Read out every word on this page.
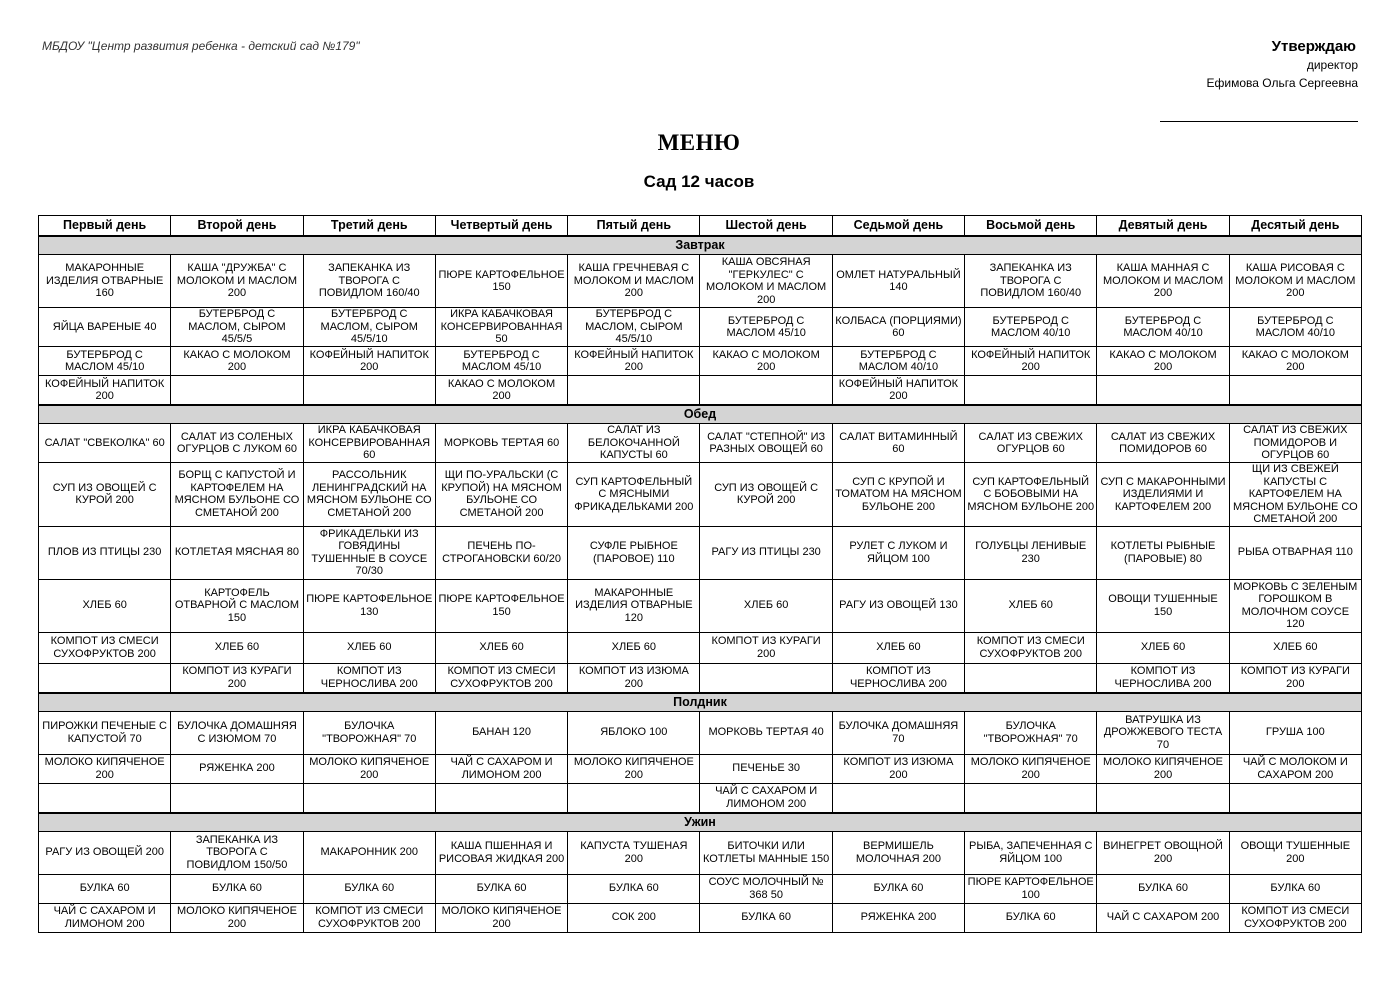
МБДОУ "Центр развития ребенка - детский сад №179"	Утверждаю
директор
Ефимова Ольга Сергеевна
МЕНЮ
Сад 12 часов
Первый день	Второй день	Третий день	Четвертый день	Пятый день	Шестой день	Седьмой день	Восьмой день	Девятый день	Десятый день
Завтрак									
МАКАРОННЫЕ ИЗДЕЛИЯ ОТВАРНЫЕ 160	КАША "ДРУЖБА" С МОЛОКОМ И МАСЛОМ 200	ЗАПЕКАНКА ИЗ ТВОРОГА С ПОВИДЛОМ 160/40	ПЮРЕ КАРТОФЕЛЬНОЕ 150	КАША ГРЕЧНЕВАЯ С МОЛОКОМ И МАСЛОМ 200	КАША ОВСЯНАЯ "ГЕРКУЛЕС" С МОЛОКОМ И МАСЛОМ 200	ОМЛЕТ НАТУРАЛЬНЫЙ 140	ЗАПЕКАНКА ИЗ ТВОРОГА С ПОВИДЛОМ 160/40	КАША МАННАЯ С МОЛОКОМ И МАСЛОМ 200	КАША РИСОВАЯ С МОЛОКОМ И МАСЛОМ 200
ЯЙЦА ВАРЕНЫЕ 40	БУТЕРБРОД С МАСЛОМ, СЫРОМ 45/5/5	БУТЕРБРОД С МАСЛОМ, СЫРОМ 45/5/10	ИКРА КАБАЧКОВАЯ КОНСЕРВИРОВАННАЯ 50	БУТЕРБРОД С МАСЛОМ, СЫРОМ 45/5/10	БУТЕРБРОД С МАСЛОМ 45/10	КОЛБАСА (ПОРЦИЯМИ) 60	БУТЕРБРОД С МАСЛОМ 40/10	БУТЕРБРОД С МАСЛОМ 40/10	БУТЕРБРОД С МАСЛОМ 40/10
БУТЕРБРОД С МАСЛОМ 45/10	КАКАО С МОЛОКОМ 200	КОФЕЙНЫЙ НАПИТОК 200	БУТЕРБРОД С МАСЛОМ 45/10	КОФЕЙНЫЙ НАПИТОК 200	КАКАО С МОЛОКОМ 200	БУТЕРБРОД С МАСЛОМ 40/10	КОФЕЙНЫЙ НАПИТОК 200	КАКАО С МОЛОКОМ 200	КАКАО С МОЛОКОМ 200
КОФЕЙНЫЙ НАПИТОК 200			КАКАО С МОЛОКОМ 200			КОФЕЙНЫЙ НАПИТОК 200			
Обед									
САЛАТ "СВЕКОЛКА" 60	САЛАТ ИЗ СОЛЕНЫХ ОГУРЦОВ С ЛУКОМ 60	ИКРА КАБАЧКОВАЯ КОНСЕРВИРОВАННАЯ 60	МОРКОВЬ ТЕРТАЯ 60	САЛАТ ИЗ БЕЛОКОЧАННОЙ КАПУСТЫ 60	САЛАТ "СТЕПНОЙ" ИЗ РАЗНЫХ ОВОЩЕЙ 60	САЛАТ ВИТАМИННЫЙ 60	САЛАТ ИЗ СВЕЖИХ ОГУРЦОВ 60	САЛАТ ИЗ СВЕЖИХ ПОМИДОРОВ 60	САЛАТ ИЗ СВЕЖИХ ПОМИДОРОВ И ОГУРЦОВ 60
СУП ИЗ ОВОЩЕЙ С КУРОЙ 200	БОРЩ С КАПУСТОЙ И КАРТОФЕЛЕМ НА МЯСНОМ БУЛЬОНЕ СО СМЕТАНОЙ 200	РАССОЛЬНИК ЛЕНИНГРАДСКИЙ НА МЯСНОМ БУЛЬОНЕ СО СМЕТАНОЙ 200	ЩИ ПО-УРАЛЬСКИ (С КРУПОЙ) НА МЯСНОМ БУЛЬОНЕ СО СМЕТАНОЙ 200	СУП КАРТОФЕЛЬНЫЙ С МЯСНЫМИ ФРИКАДЕЛЬКАМИ 200	СУП ИЗ ОВОЩЕЙ С КУРОЙ 200	СУП С КРУПОЙ И ТОМАТОМ НА МЯСНОМ БУЛЬОНЕ 200	СУП КАРТОФЕЛЬНЫЙ С БОБОВЫМИ НА МЯСНОМ БУЛЬОНЕ 200	СУП С МАКАРОННЫМИ ИЗДЕЛИЯМИ И КАРТОФЕЛЕМ 200	ЩИ ИЗ СВЕЖЕЙ КАПУСТЫ С КАРТОФЕЛЕМ НА МЯСНОМ БУЛЬОНЕ СО СМЕТАНОЙ 200
ПЛОВ ИЗ ПТИЦЫ 230	КОТЛЕТАЯ МЯСНАЯ 80	ФРИКАДЕЛЬКИ ИЗ ГОВЯДИНЫ ТУШЕННЫЕ В СОУСЕ 70/30	ПЕЧЕНЬ ПО-СТРОГАНОВСКИ 60/20	СУФЛЕ РЫБНОЕ (ПАРОВОЕ) 110	РАГУ ИЗ ПТИЦЫ 230	РУЛЕТ С ЛУКОМ И ЯЙЦОМ 100	ГОЛУБЦЫ ЛЕНИВЫЕ 230	КОТЛЕТЫ РЫБНЫЕ (ПАРОВЫЕ) 80	РЫБА ОТВАРНАЯ 110
ХЛЕБ 60	КАРТОФЕЛЬ ОТВАРНОЙ С МАСЛОМ 150	ПЮРЕ КАРТОФЕЛЬНОЕ 130	ПЮРЕ КАРТОФЕЛЬНОЕ 150	МАКАРОННЫЕ ИЗДЕЛИЯ ОТВАРНЫЕ 120	ХЛЕБ 60	РАГУ ИЗ ОВОЩЕЙ 130	ХЛЕБ 60	ОВОЩИ ТУШЕННЫЕ 150	МОРКОВЬ С ЗЕЛЕНЫМ ГОРОШКОМ В МОЛОЧНОМ СОУСЕ 120
КОМПОТ ИЗ СМЕСИ СУХОФРУКТОВ 200	ХЛЕБ 60	ХЛЕБ 60	ХЛЕБ 60	ХЛЕБ 60	КОМПОТ ИЗ КУРАГИ 200	ХЛЕБ 60	КОМПОТ ИЗ СМЕСИ СУХОФРУКТОВ 200	ХЛЕБ 60	ХЛЕБ 60
	КОМПОТ ИЗ КУРАГИ 200	КОМПОТ ИЗ ЧЕРНОСЛИВА 200	КОМПОТ ИЗ СМЕСИ СУХОФРУКТОВ 200	КОМПОТ ИЗ ИЗЮМА 200		КОМПОТ ИЗ ЧЕРНОСЛИВА 200		КОМПОТ ИЗ ЧЕРНОСЛИВА 200	КОМПОТ ИЗ КУРАГИ 200
Полдник									
ПИРОЖКИ ПЕЧЕНЫЕ С КАПУСТОЙ 70	БУЛОЧКА ДОМАШНЯЯ С ИЗЮМОМ 70	БУЛОЧКА "ТВОРОЖНАЯ" 70	БАНАН 120	ЯБЛОКО 100	МОРКОВЬ ТЕРТАЯ 40	БУЛОЧКА ДОМАШНЯЯ 70	БУЛОЧКА "ТВОРОЖНАЯ" 70	ВАТРУШКА ИЗ ДРОЖЖЕВОГО ТЕСТА 70	ГРУША 100
МОЛОКО КИПЯЧЕНОЕ 200	РЯЖЕНКА 200	МОЛОКО КИПЯЧЕНОЕ 200	ЧАЙ С САХАРОМ И ЛИМОНОМ 200	МОЛОКО КИПЯЧЕНОЕ 200	ПЕЧЕНЬЕ 30	КОМПОТ ИЗ ИЗЮМА 200	МОЛОКО КИПЯЧЕНОЕ 200	МОЛОКО КИПЯЧЕНОЕ 200	ЧАЙ С МОЛОКОМ И САХАРОМ 200
					ЧАЙ С САХАРОМ И ЛИМОНОМ 200				
Ужин									
РАГУ ИЗ ОВОЩЕЙ 200	ЗАПЕКАНКА ИЗ ТВОРОГА С ПОВИДЛОМ 150/50	МАКАРОННИК 200	КАША ПШЕННАЯ И РИСОВАЯ ЖИДКАЯ 200	КАПУСТА ТУШЕНАЯ 200	БИТОЧКИ ИЛИ КОТЛЕТЫ МАННЫЕ 150	ВЕРМИШЕЛЬ МОЛОЧНАЯ 200	РЫБА, ЗАПЕЧЕННАЯ С ЯЙЦОМ 100	ВИНЕГРЕТ ОВОЩНОЙ 200	ОВОЩИ ТУШЕННЫЕ 200
БУЛКА 60	БУЛКА 60	БУЛКА 60	БУЛКА 60	БУЛКА 60	СОУС МОЛОЧНЫЙ № 368 50	БУЛКА 60	ПЮРЕ КАРТОФЕЛЬНОЕ 100	БУЛКА 60	БУЛКА 60
ЧАЙ С САХАРОМ И ЛИМОНОМ 200	МОЛОКО КИПЯЧЕНОЕ 200	КОМПОТ ИЗ СМЕСИ СУХОФРУКТОВ 200	МОЛОКО КИПЯЧЕНОЕ 200	СОК 200	БУЛКА 60	РЯЖЕНКА 200	БУЛКА 60	ЧАЙ С САХАРОМ 200	КОМПОТ ИЗ СМЕСИ СУХОФРУКТОВ 200
